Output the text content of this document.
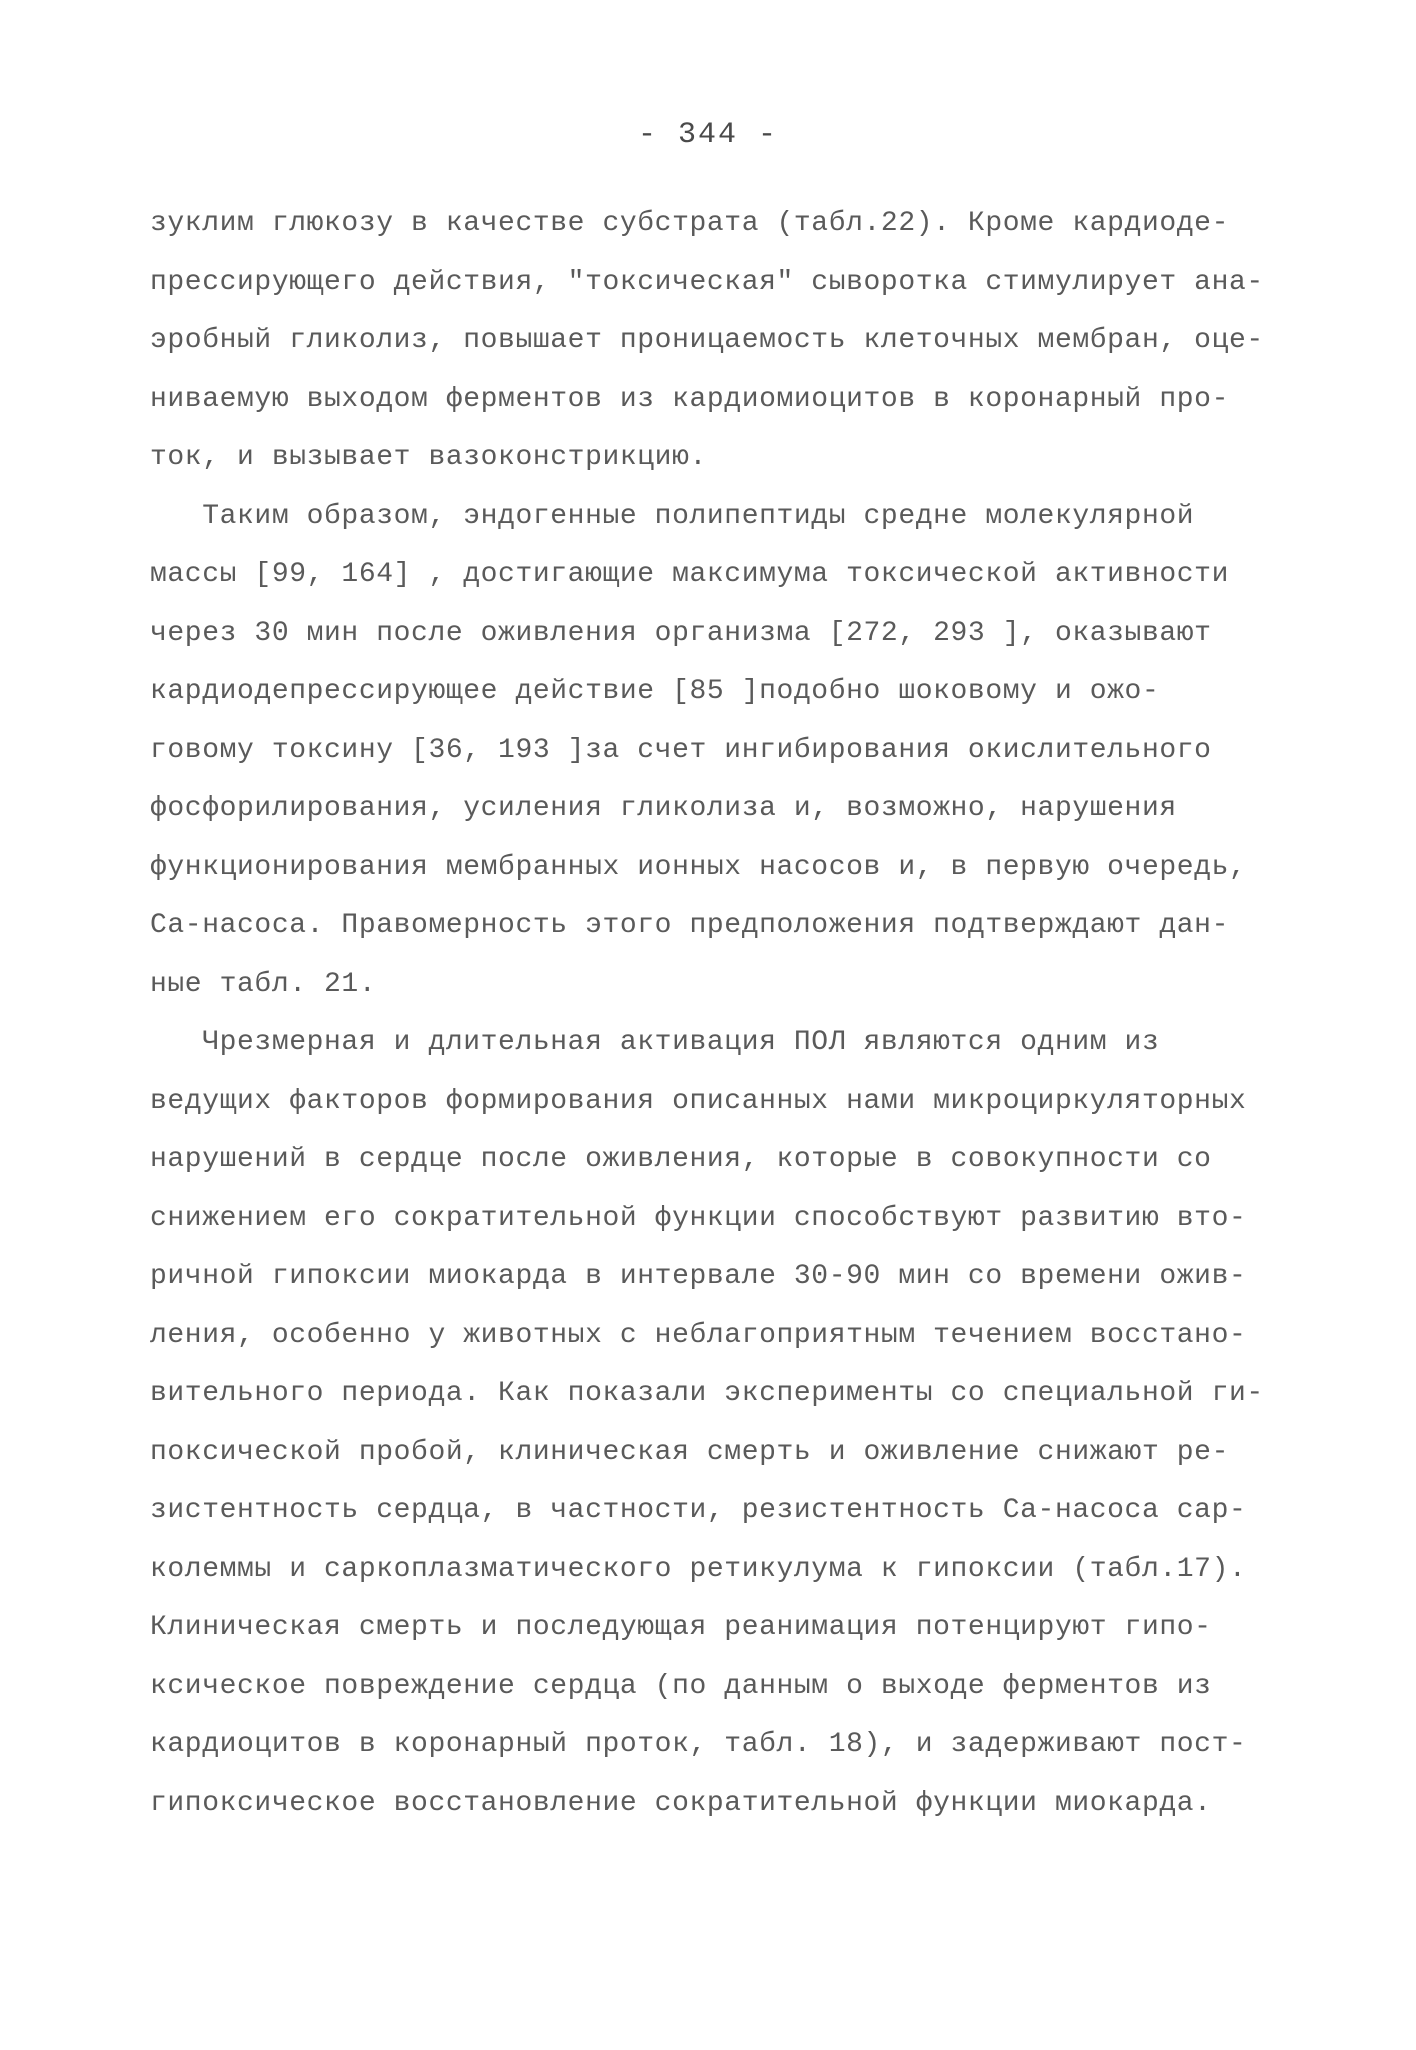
- 344 -
зуклим глюкозу в качестве субстрата (табл.22). Кроме кардиоде-
прессирующего действия, "токсическая" сыворотка стимулирует ана-
эробный гликолиз, повышает проницаемость клеточных мембран, оце-
ниваемую выходом ферментов из кардиомиоцитов в коронарный про-
ток, и вызывает вазоконстрикцию.
Таким образом, эндогенные полипептиды средне молекулярной
массы [99, 164] , достигающие максимума токсической активности
через 30 мин после оживления организма [272, 293 ], оказывают
кардиодепрессирующее действие [85 ]подобно шоковому и ожо-
говому токсину [36, 193 ]за счет ингибирования окислительного
фосфорилирования, усиления гликолиза и, возможно, нарушения
функционирования мембранных ионных насосов и, в первую очередь,
Ca-насоса. Правомерность этого предположения подтверждают дан-
ные табл. 21.
Чрезмерная и длительная активация ПОЛ являются одним из
ведущих факторов формирования описанных нами микроциркуляторных
нарушений в сердце после оживления, которые в совокупности со
снижением его сократительной функции способствуют развитию вто-
ричной гипоксии миокарда в интервале 30-90 мин со времени ожив-
ления, особенно у животных с неблагоприятным течением восстано-
вительного периода. Как показали эксперименты со специальной ги-
поксической пробой, клиническая смерть и оживление снижают ре-
зистентность сердца, в частности, резистентность Ca-насоса сар-
колеммы и саркоплазматического ретикулума к гипоксии (табл.17).
Клиническая смерть и последующая реанимация потенцируют гипо-
ксическое повреждение сердца (по данным о выходе ферментов из
кардиоцитов в коронарный проток, табл. 18), и задерживают пост-
гипоксическое восстановление сократительной функции миокарда.
